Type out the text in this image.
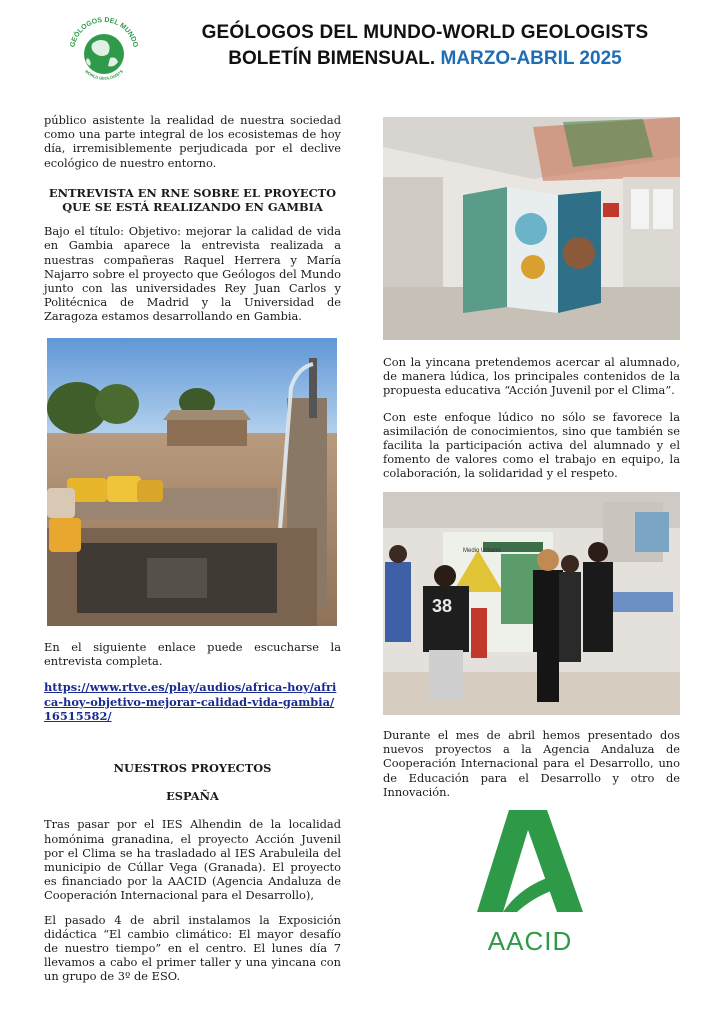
GEÓLOGOS DEL MUNDO
WORLD GEOLOGISTS
GEÓLOGOS DEL MUNDO-WORLD GEOLOGISTS
BOLETÍN BIMENSUAL. MARZO-ABRIL 2025

público asistente la realidad de nuestra sociedad como una parte integral de los ecosistemas de hoy día, irremisiblemente perjudicada por el declive ecológico de nuestro entorno.

ENTREVISTA EN RNE SOBRE EL PROYECTO QUE SE ESTÁ REALIZANDO EN GAMBIA

Bajo el título: Objetivo: mejorar la calidad de vida en Gambia aparece la entrevista realizada a nuestras compañeras Raquel Herrera y María Najarro sobre el proyecto que Geólogos del Mundo junto con las universidades Rey Juan Carlos y Politécnica de Madrid y la Universidad de Zaragoza estamos desarrollando en Gambia.

En el siguiente enlace puede escucharse la entrevista completa.

https://www.rtve.es/play/audios/africa-hoy/africa-hoy-objetivo-mejorar-calidad-vida-gambia/16515582/

NUESTROS PROYECTOS

ESPAÑA

Tras pasar por el IES Alhendin de la localidad homónima granadina, el proyecto Acción Juvenil por el Clima se ha trasladado al IES Arabuleila del municipio de Cúllar Vega (Granada). El proyecto es financiado por la AACID (Agencia Andaluza de Cooperación Internacional para el Desarrollo),

El pasado 4 de abril instalamos la Exposición didáctica “El cambio climático: El mayor desafío de nuestro tiempo” en el centro. El lunes día 7 llevamos a cabo el primer taller y una yincana con un grupo de 3º de ESO.

Con la yincana pretendemos acercar al alumnado, de manera lúdica, los principales contenidos de la propuesta educativa “Acción Juvenil por el Clima”.

Con este enfoque lúdico no sólo se favorece la asimilación de conocimientos, sino que también se facilita la participación activa del alumnado y el fomento de valores como el trabajo en equipo, la colaboración, la solidaridad y el respeto.

38
Medio Urbano

Durante el mes de abril hemos presentado dos nuevos proyectos a la Agencia Andaluza de Cooperación Internacional para el Desarrollo, uno de Educación para el Desarrollo y otro de Innovación.

AACID
